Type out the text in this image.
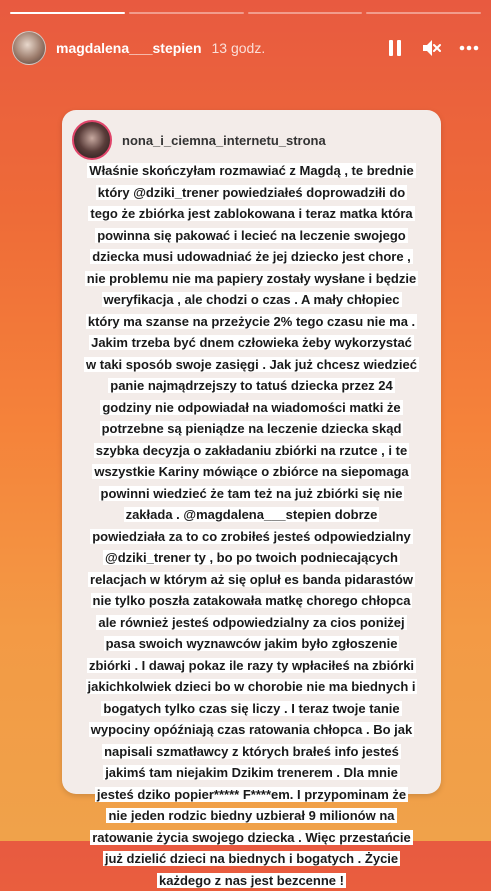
magdalena___stepien 13 godz.
nona_i_ciemna_internetu_strona
Właśnie skończyłam rozmawiać z Magdą , te brednie
który @dziki_trener powiedziałeś doprowadziłi do
tego że zbiórka jest zablokowana i teraz matka która
powinna się pakować i lecieć na leczenie swojego
dziecka musi udowadniać że jej dziecko jest chore ,
nie problemu nie ma papiery zostały wysłane i będzie
weryfikacja , ale chodzi o czas . A mały chłopiec
który ma szanse na przeżycie 2% tego czasu nie ma .
Jakim trzeba być dnem człowieka żeby wykorzystać
w taki sposób swoje zasięgi . Jak już chcesz wiedzieć
panie najmądrzejszy to tatuś dziecka przez 24
godziny nie odpowiadał na wiadomości matki że
potrzebne są pieniądze na leczenie dziecka skąd
szybka decyzja o zakładaniu zbiórki na rzutce , i te
wszystkie Kariny mówiące o zbiórce na siepomaga
powinni wiedzieć że tam też na już zbiórki się nie
zakłada . @magdalena___stepien dobrze
powiedziała za to co zrobiłeś jesteś odpowiedzialny
@dziki_trener ty , bo po twoich podniecających
relacjach w którym aż się opluł es banda pidarastów
nie tylko poszła zatakowała matkę chorego chłopca
ale również jesteś odpowiedzialny za cios poniżej
pasa swoich wyznawców jakim było zgłoszenie
zbiórki . I dawaj pokaz ile razy ty wpłaciłeś na zbiórki
jakichkolwiek dzieci bo w chorobie nie ma biednych i
bogatych tylko czas się liczy . I teraz twoje tanie
wypociny opóźniają czas ratowania chłopca . Bo jak
napisali szmatławcy z których brałeś info jesteś
jakimś tam niejakim Dzikim trenerem . Dla mnie
jesteś dziko popier***** F****em. I przypominam że
nie jeden rodzic biedny uzbierał 9 milionów na
ratowanie życia swojego dziecka . Więc przestańcie
już dzielić dzieci na biednych i bogatych . Życie
każdego z nas jest bezcenne !
